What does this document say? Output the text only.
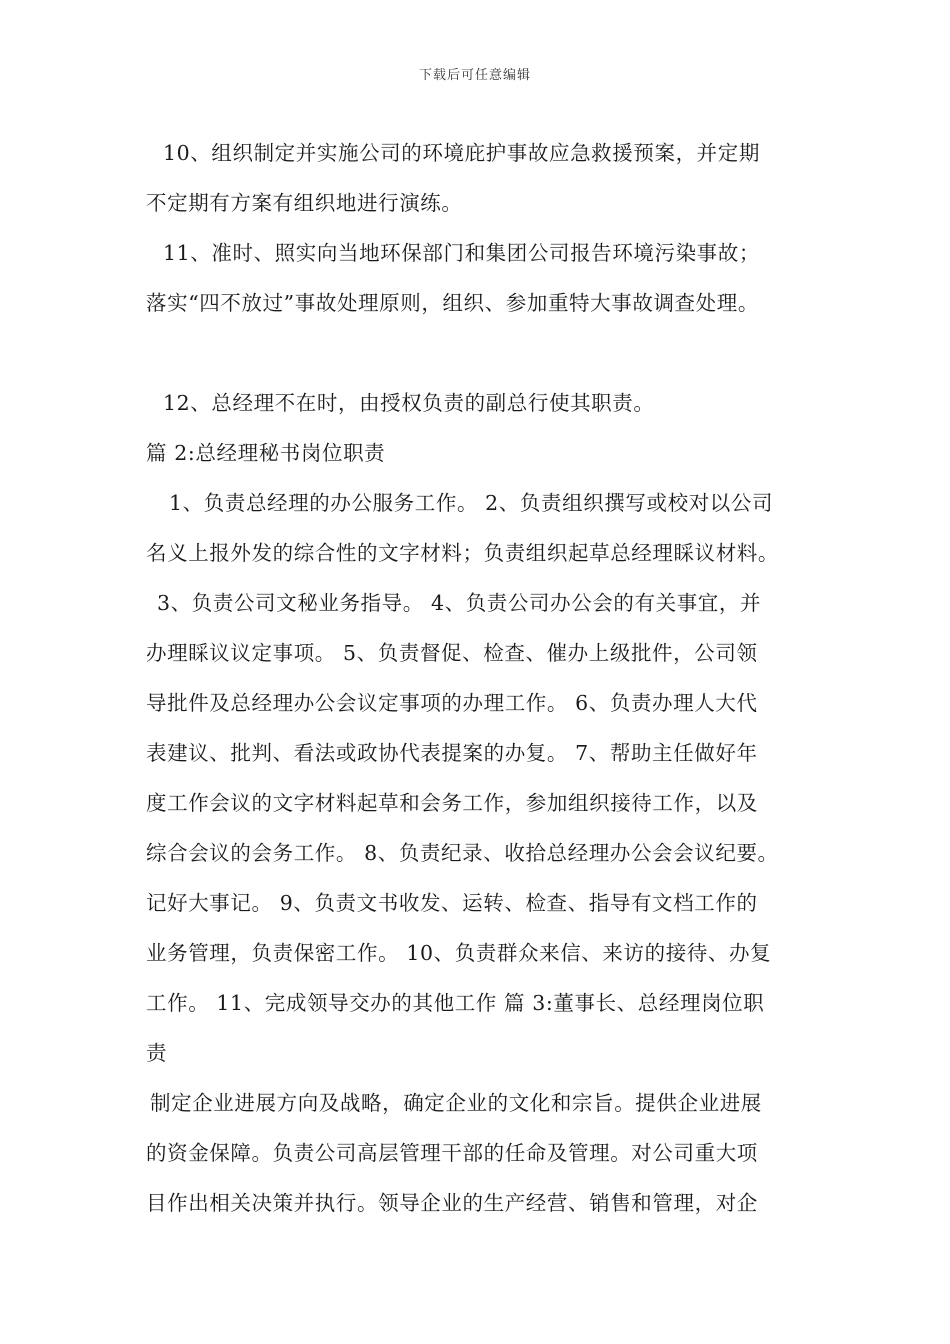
下载后可任意编辑
10、组织制定并实施公司的环境庇护事故应急救援预案，并定期
不定期有方案有组织地进行演练。
11、准时、照实向当地环保部门和集团公司报告环境污染事故；
落实“四不放过”事故处理原则，组织、参加重特大事故调查处理。
12、总经理不在时，由授权负责的副总行使其职责。
篇 2:总经理秘书岗位职责
1、负责总经理的办公服务工作。 2、负责组织撰写或校对以公司
名义上报外发的综合性的文字材料；负责组织起草总经理睬议材料。
3、负责公司文秘业务指导。 4、负责公司办公会的有关事宜，并
办理睬议议定事项。 5、负责督促、检查、催办上级批件，公司领
导批件及总经理办公会议定事项的办理工作。 6、负责办理人大代
表建议、批判、看法或政协代表提案的办复。 7、帮助主任做好年
度工作会议的文字材料起草和会务工作，参加组织接待工作，以及
综合会议的会务工作。 8、负责纪录、收拾总经理办公会会议纪要。
记好大事记。 9、负责文书收发、运转、检查、指导有文档工作的
业务管理，负责保密工作。 10、负责群众来信、来访的接待、办复
工作。 11、完成领导交办的其他工作 篇 3:董事长、总经理岗位职
责
制定企业进展方向及战略，确定企业的文化和宗旨。提供企业进展
的资金保障。负责公司高层管理干部的任命及管理。对公司重大项
目作出相关决策并执行。领导企业的生产经营、销售和管理，对企
